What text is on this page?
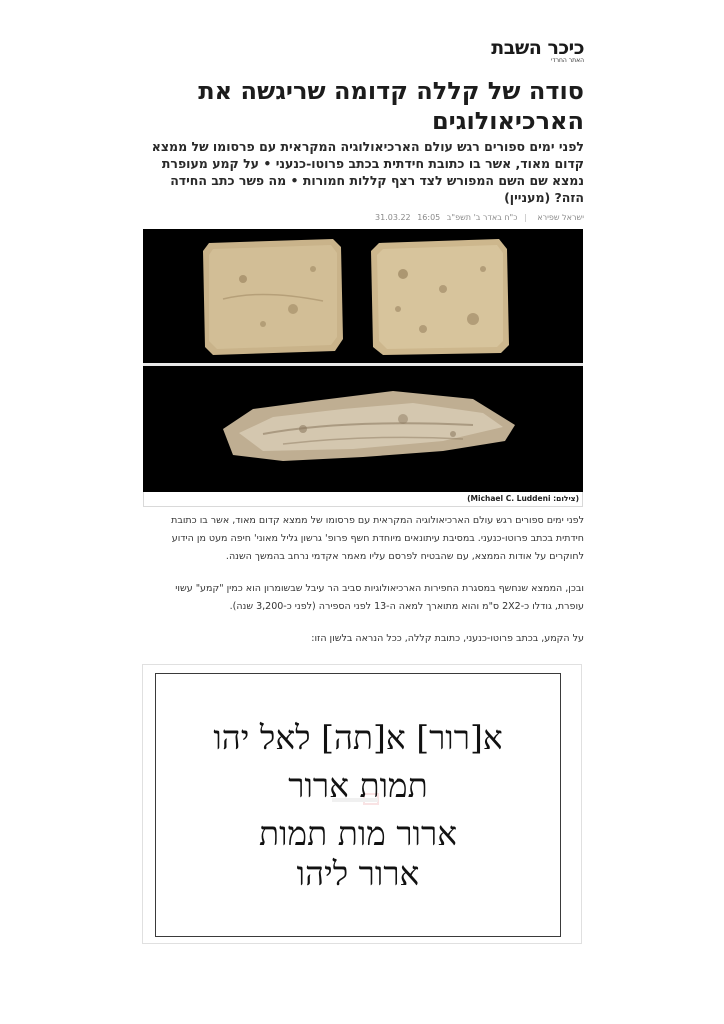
כיכר השבת
האתר החרדי
סודה של קללה קדומה שריגשה את הארכיאולוגים

לפני ימים ספורים רגש עולם הארכיאולוגיה המקראית עם פרסומו של ממצא קדום מאוד, אשר בו כתובת חידתית בכתב פרוטו-כנעני • על קמע מעופרת נמצא שם השם המפורש לצד רצף קללות חמורות • מה פשר כתב החידה הזה? (מעניין)

ישראל שפירא | כ"ח באדר ב' תשפ"ב 16:05 31.03.22
(צילום: Michael C. Luddeni)

לפני ימים ספורים רגש עולם הארכיאולוגיה המקראית עם פרסומו של ממצא קדום מאוד, אשר בו כתובת חידתית בכתב פרוטו-כנעני. במסיבת עיתונאים מיוחדת חשף פרופ' גרשון גליל מאוני' חיפה מעט מן הידוע לחוקרים על אודות הממצא, עם שהבטיח לפרסם עליו מאמר אקדמי נרחב בהמשך השנה.

ובכן, הממצא שנחשף במסגרת החפירות הארכיאולוגיות סביב הר עיבל שבשומרון הוא כמין "קמע" עשוי עופרת, גודלו כ-2X2 ס"מ והוא מתוארך למאה ה-13 לפני הספירה (לפני כ-3,200 שנה).

על הקמע, בכתב פרוטו-כנעני, כתובת קללה, ככל הנראה בלשון הזו:

א[רור] א[תה] לאל יהו
תמות ארור
ארור מות תמות
ארור ליהו
